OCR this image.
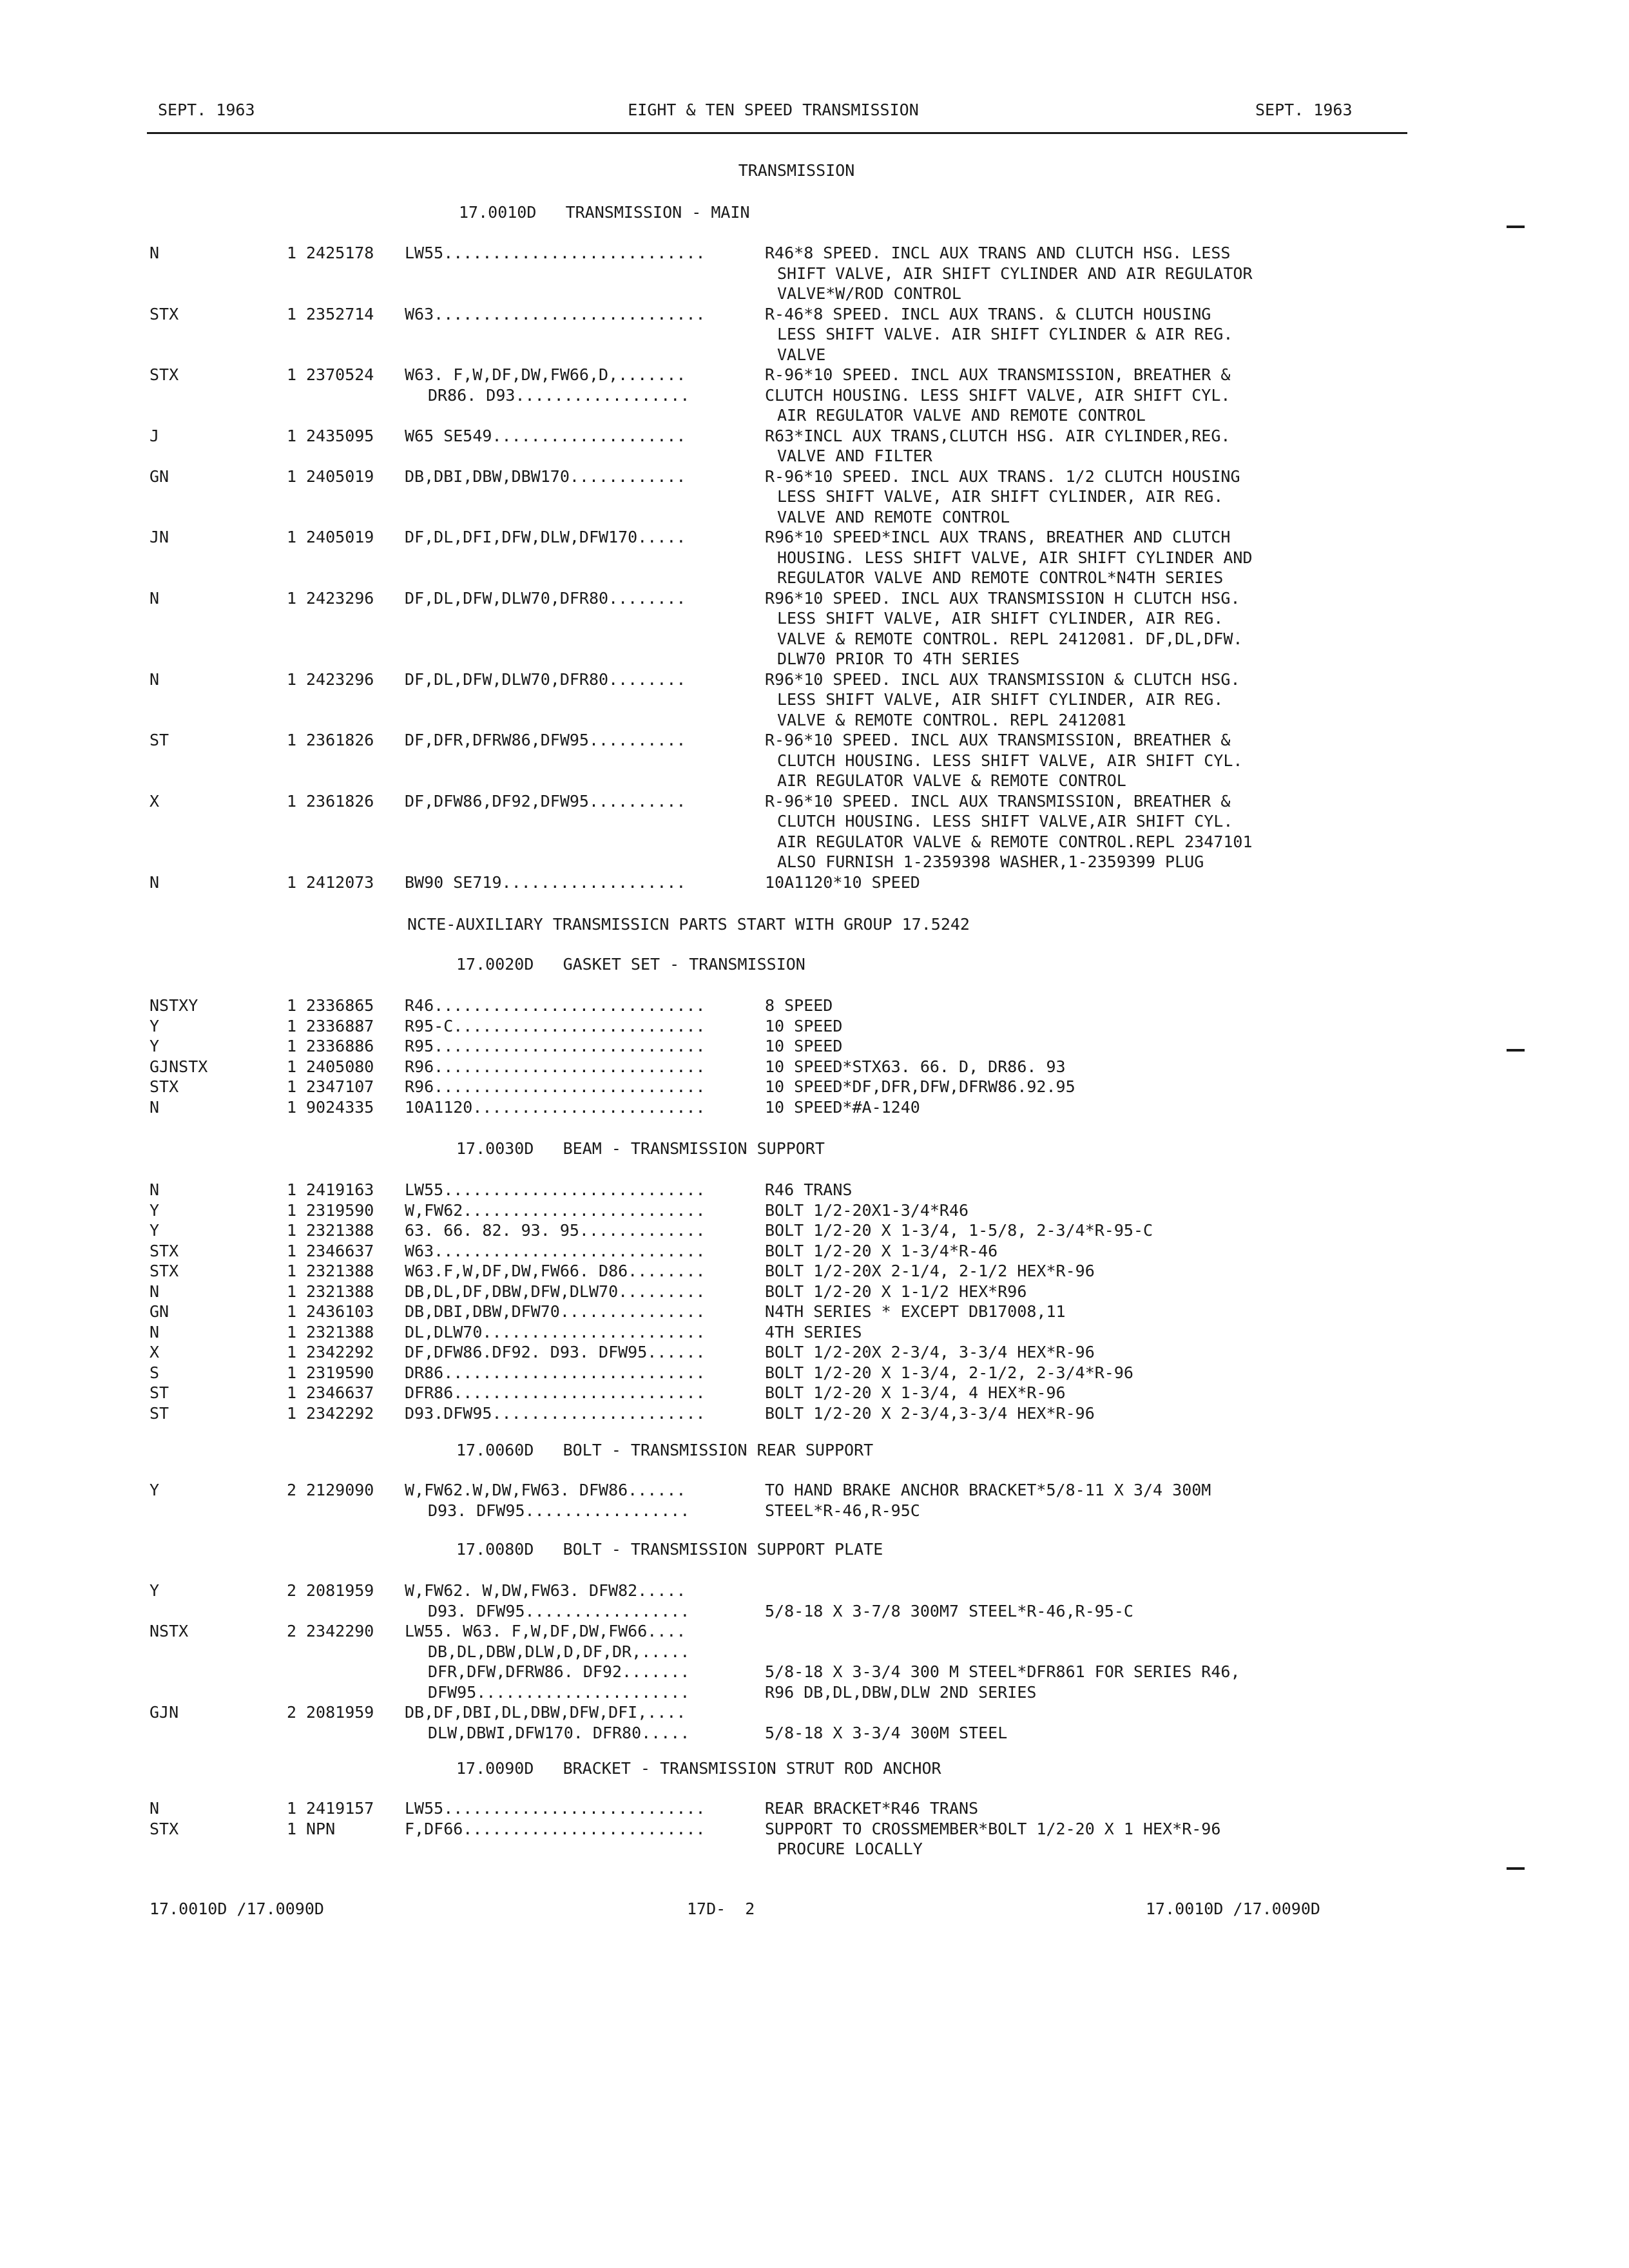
SEPT. 1963	EIGHT & TEN SPEED TRANSMISSION	SEPT. 1963
TRANSMISSION
17.0010D   TRANSMISSION - MAIN
N	1 2425178 LW55...........................	R46*8 SPEED. INCL AUX TRANS AND CLUTCH HSG. LESS
SHIFT VALVE, AIR SHIFT CYLINDER AND AIR REGULATOR
VALVE*W/ROD CONTROL
STX	1 2352714 W63............................	R-46*8 SPEED. INCL AUX TRANS. & CLUTCH HOUSING
LESS SHIFT VALVE. AIR SHIFT CYLINDER & AIR REG.
VALVE
STX	1 2370524 W63. F,W,DF,DW,FW66,D,.......	R-96*10 SPEED. INCL AUX TRANSMISSION, BREATHER &
DR86. D93..................	CLUTCH HOUSING. LESS SHIFT VALVE, AIR SHIFT CYL.
AIR REGULATOR VALVE AND REMOTE CONTROL
J	1 2435095 W65 SE549....................	R63*INCL AUX TRANS,CLUTCH HSG. AIR CYLINDER,REG.
VALVE AND FILTER
GN	1 2405019 DB,DBI,DBW,DBW170............	R-96*10 SPEED. INCL AUX TRANS. 1/2 CLUTCH HOUSING
LESS SHIFT VALVE, AIR SHIFT CYLINDER, AIR REG.
VALVE AND REMOTE CONTROL
JN	1 2405019 DF,DL,DFI,DFW,DLW,DFW170.....	R96*10 SPEED*INCL AUX TRANS, BREATHER AND CLUTCH
HOUSING. LESS SHIFT VALVE, AIR SHIFT CYLINDER AND
REGULATOR VALVE AND REMOTE CONTROL*N4TH SERIES
N	1 2423296 DF,DL,DFW,DLW70,DFR80........	R96*10 SPEED. INCL AUX TRANSMISSION H CLUTCH HSG.
LESS SHIFT VALVE, AIR SHIFT CYLINDER, AIR REG.
VALVE & REMOTE CONTROL. REPL 2412081. DF,DL,DFW.
DLW70 PRIOR TO 4TH SERIES
N	1 2423296 DF,DL,DFW,DLW70,DFR80........	R96*10 SPEED. INCL AUX TRANSMISSION & CLUTCH HSG.
LESS SHIFT VALVE, AIR SHIFT CYLINDER, AIR REG.
VALVE & REMOTE CONTROL. REPL 2412081
ST	1 2361826 DF,DFR,DFRW86,DFW95..........	R-96*10 SPEED. INCL AUX TRANSMISSION, BREATHER &
CLUTCH HOUSING. LESS SHIFT VALVE, AIR SHIFT CYL.
AIR REGULATOR VALVE & REMOTE CONTROL
X	1 2361826 DF,DFW86,DF92,DFW95..........	R-96*10 SPEED. INCL AUX TRANSMISSION, BREATHER &
CLUTCH HOUSING. LESS SHIFT VALVE,AIR SHIFT CYL.
AIR REGULATOR VALVE & REMOTE CONTROL.REPL 2347101
ALSO FURNISH 1-2359398 WASHER,1-2359399 PLUG
N	1 2412073 BW90 SE719...................	10A1120*10 SPEED
NCTE-AUXILIARY TRANSMISSICN PARTS START WITH GROUP 17.5242
17.0020D   GASKET SET - TRANSMISSION
NSTXY	1 2336865 R46............................	8 SPEED
Y	1 2336887 R95-C..........................	10 SPEED
Y	1 2336886 R95............................	10 SPEED
GJNSTX	1 2405080 R96............................	10 SPEED*STX63. 66. D, DR86. 93
STX	1 2347107 R96............................	10 SPEED*DF,DFR,DFW,DFRW86.92.95
N	1 9024335 10A1120........................	10 SPEED*#A-1240
17.0030D   BEAM - TRANSMISSION SUPPORT
N	1 2419163 LW55...........................	R46 TRANS
Y	1 2319590 W,FW62.........................	BOLT 1/2-20X1-3/4*R46
Y	1 2321388 63. 66. 82. 93. 95.............	BOLT 1/2-20 X 1-3/4, 1-5/8, 2-3/4*R-95-C
STX	1 2346637 W63............................	BOLT 1/2-20 X 1-3/4*R-46
STX	1 2321388 W63.F,W,DF,DW,FW66. D86........	BOLT 1/2-20X 2-1/4, 2-1/2 HEX*R-96
N	1 2321388 DB,DL,DF,DBW,DFW,DLW70.........	BOLT 1/2-20 X 1-1/2 HEX*R96
GN	1 2436103 DB,DBI,DBW,DFW70...............	N4TH SERIES * EXCEPT DB17008,11
N	1 2321388 DL,DLW70.......................	4TH SERIES
X	1 2342292 DF,DFW86.DF92. D93. DFW95......	BOLT 1/2-20X 2-3/4, 3-3/4 HEX*R-96
S	1 2319590 DR86...........................	BOLT 1/2-20 X 1-3/4, 2-1/2, 2-3/4*R-96
ST	1 2346637 DFR86..........................	BOLT 1/2-20 X 1-3/4, 4 HEX*R-96
ST	1 2342292 D93.DFW95......................	BOLT 1/2-20 X 2-3/4,3-3/4 HEX*R-96
17.0060D   BOLT - TRANSMISSION REAR SUPPORT
Y	2 2129090 W,FW62.W,DW,FW63. DFW86......	TO HAND BRAKE ANCHOR BRACKET*5/8-11 X 3/4 300M
D93. DFW95.................	STEEL*R-46,R-95C
17.0080D   BOLT - TRANSMISSION SUPPORT PLATE
Y	2 2081959 W,FW62. W,DW,FW63. DFW82.....
D93. DFW95.................	5/8-18 X 3-7/8 300M7 STEEL*R-46,R-95-C
NSTX	2 2342290 LW55. W63. F,W,DF,DW,FW66....
DB,DL,DBW,DLW,D,DF,DR,.....
DFR,DFW,DFRW86. DF92.......	5/8-18 X 3-3/4 300 M STEEL*DFR861 FOR SERIES R46,
DFW95......................	R96 DB,DL,DBW,DLW 2ND SERIES
GJN	2 2081959 DB,DF,DBI,DL,DBW,DFW,DFI,....
DLW,DBWI,DFW170. DFR80.....	5/8-18 X 3-3/4 300M STEEL
17.0090D   BRACKET - TRANSMISSION STRUT ROD ANCHOR
N	1 2419157 LW55...........................	REAR BRACKET*R46 TRANS
STX	1 NPN	F,DF66.........................	SUPPORT TO CROSSMEMBER*BOLT 1/2-20 X 1 HEX*R-96
PROCURE LOCALLY
17.0010D /17.0090D	17D-  2	17.0010D /17.0090D
